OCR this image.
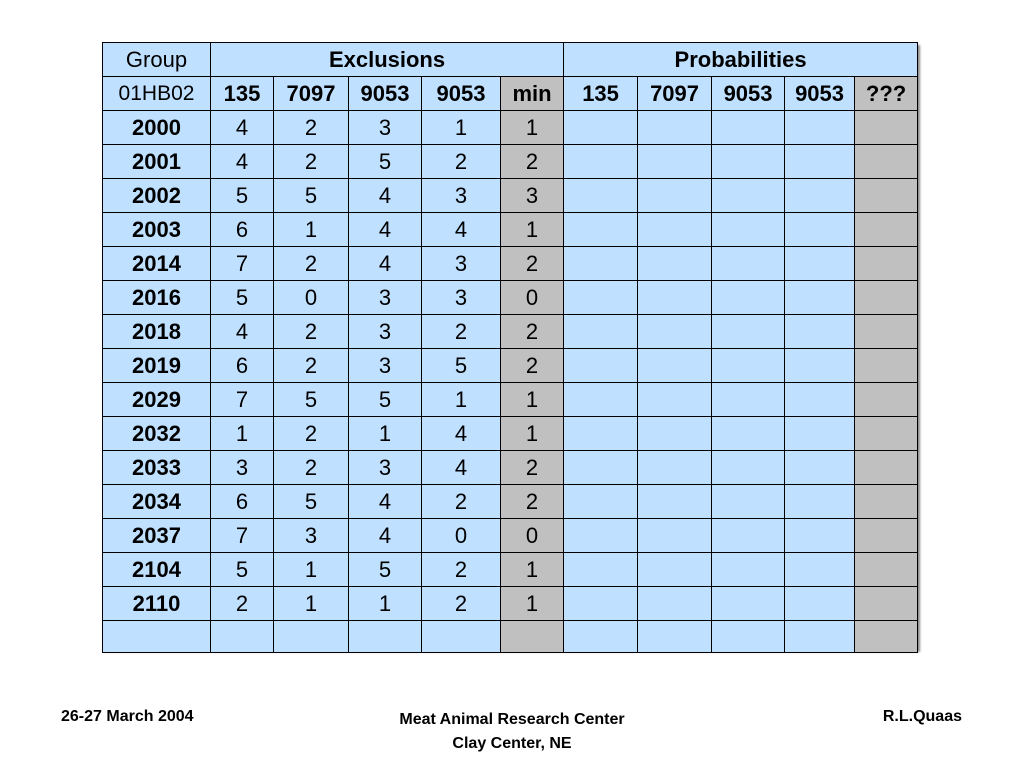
Group	Exclusions					Probabilities				
01HB02	135	7097	9053	9053	min	135	7097	9053	9053	???
2000	4	2	3	1	1					
2001	4	2	5	2	2					
2002	5	5	4	3	3					
2003	6	1	4	4	1					
2014	7	2	4	3	2					
2016	5	0	3	3	0					
2018	4	2	3	2	2					
2019	6	2	3	5	2					
2029	7	5	5	1	1					
2032	1	2	1	4	1					
2033	3	2	3	4	2					
2034	6	5	4	2	2					
2037	7	3	4	0	0					
2104	5	1	5	2	1					
2110	2	1	1	2	1					

26-27 March 2004	Meat Animal Research Center
Clay Center, NE
R.L.Quaas
